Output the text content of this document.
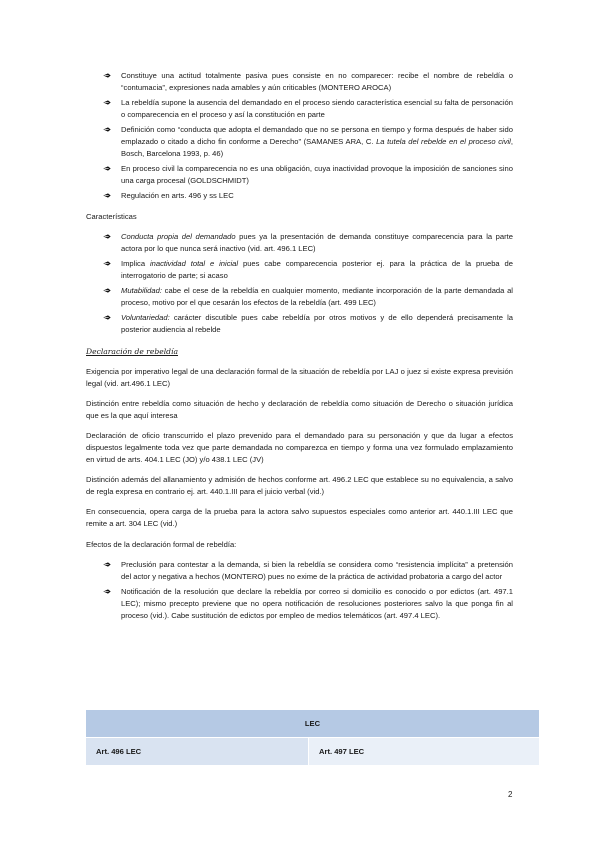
Constituye una actitud totalmente pasiva pues consiste en no comparecer: recibe el nombre de rebeldía o “contumacia”, expresiones nada amables y aún criticables (MONTERO AROCA)
La rebeldía supone la ausencia del demandado en el proceso siendo característica esencial su falta de personación o comparecencia en el proceso y así la constitución en parte
Definición como “conducta que adopta el demandado que no se persona en tiempo y forma después de haber sido emplazado o citado a dicho fin conforme a Derecho” (SAMANES ARA, C. La tutela del rebelde en el proceso civil, Bosch, Barcelona 1993, p. 46)
En proceso civil la comparecencia no es una obligación, cuya inactividad provoque la imposición de sanciones sino una carga procesal (GOLDSCHMIDT)
Regulación en arts. 496 y ss LEC
Características
Conducta propia del demandado pues ya la presentación de demanda constituye comparecencia para la parte actora por lo que nunca será inactivo (vid. art. 496.1 LEC)
Implica inactividad total e inicial pues cabe comparecencia posterior ej. para la práctica de la prueba de interrogatorio de parte; si acaso
Mutabilidad: cabe el cese de la rebeldía en cualquier momento, mediante incorporación de la parte demandada al proceso, motivo por el que cesarán los efectos de la rebeldía (art. 499 LEC)
Voluntariedad: carácter discutible pues cabe rebeldía por otros motivos y de ello dependerá precisamente la posterior audiencia al rebelde
Declaración de rebeldía

Exigencia por imperativo legal de una declaración formal de la situación de rebeldía por LAJ o juez si existe expresa previsión legal (vid. art.496.1 LEC)

Distinción entre rebeldía como situación de hecho y declaración de rebeldía como situación de Derecho o situación jurídica que es la que aquí interesa

Declaración de oficio transcurrido el plazo prevenido para el demandado para su personación y que da lugar a efectos dispuestos legalmente toda vez que parte demandada no comparezca en tiempo y forma una vez formulado emplazamiento en virtud de arts. 404.1 LEC (JO) y/o 438.1 LEC (JV)

Distinción además del allanamiento y admisión de hechos conforme art. 496.2 LEC que establece su no equivalencia, a salvo de regla expresa en contrario ej. art. 440.1.III para el juicio verbal (vid.)

En consecuencia, opera carga de la prueba para la actora salvo supuestos especiales como anterior art. 440.1.III LEC que remite a art. 304 LEC (vid.)

Efectos de la declaración formal de rebeldía:
Preclusión para contestar a la demanda, si bien la rebeldía se considera como “resistencia implícita” a pretensión del actor y negativa a hechos (MONTERO) pues no exime de la práctica de actividad probatoria a cargo del actor
Notificación de la resolución que declare la rebeldía por correo si domicilio es conocido o por edictos (art. 497.1 LEC); mismo precepto previene que no opera notificación de resoluciones posteriores salvo la que ponga fin al proceso (vid.). Cabe sustitución de edictos por empleo de medios telemáticos (art. 497.4 LEC).
LEC
Art. 496 LEC	Art. 497 LEC
2
